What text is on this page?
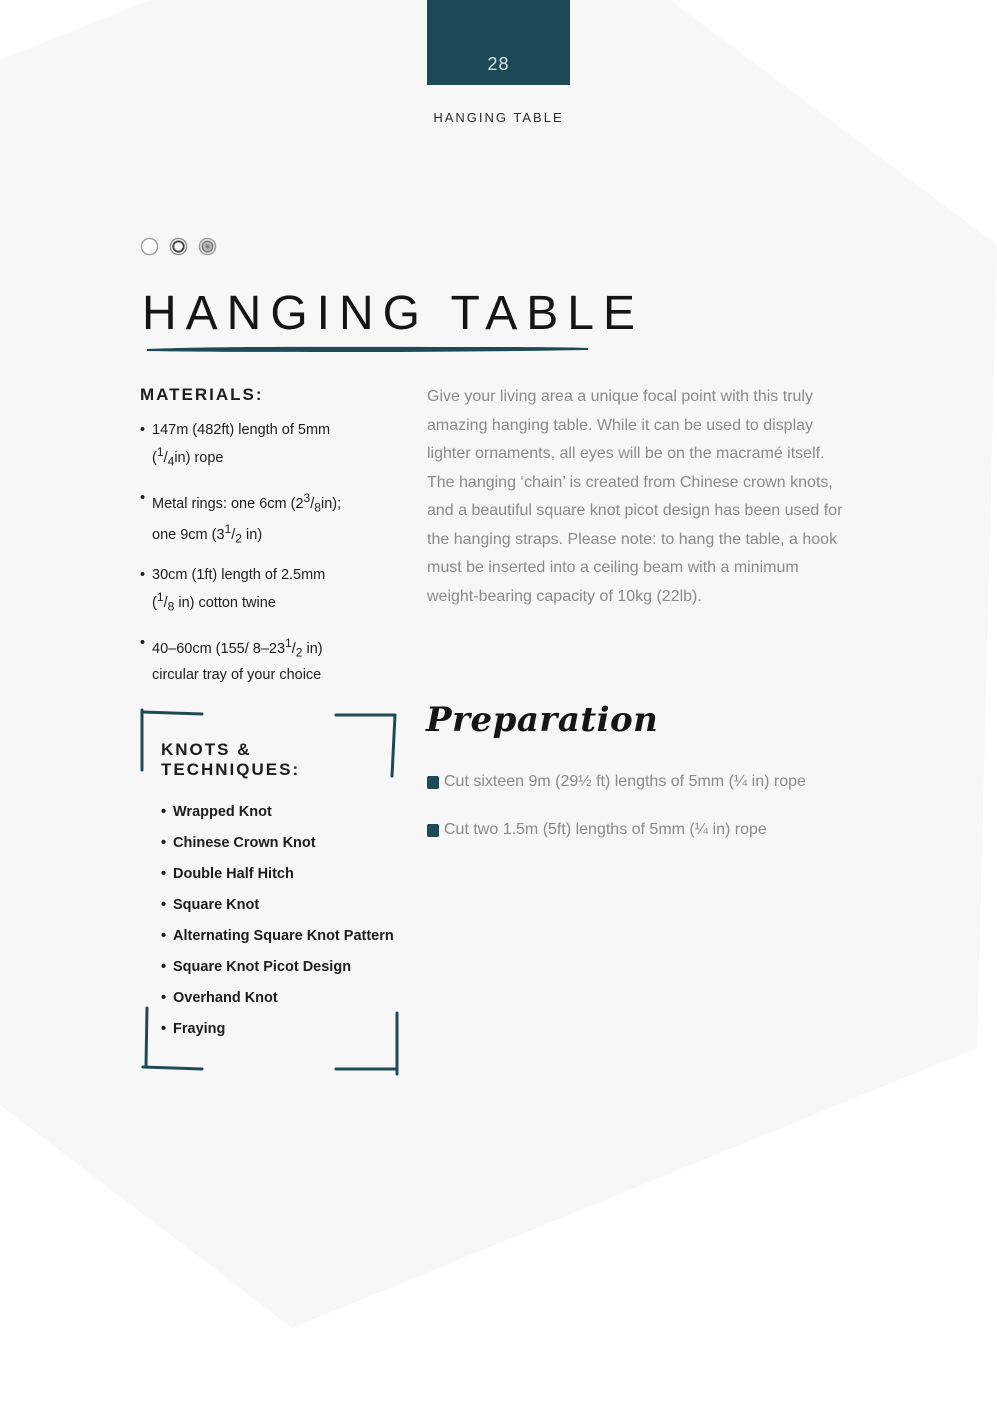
28
HANGING TABLE
HANGING TABLE
MATERIALS:
• 147m (482ft) length of 5mm
$(^1/_4in)$ rope
• Metal rings: one 6cm $(2^3/_8in)$;
one 9cm ($3^1/_2$ in)
• 30cm (1ft) length of 2.5mm
($^1/_8$ in) cotton twine
• 40–60cm (155/ $8-23^1/_2$ in)
circular tray of your choice

Give your living area a unique focal point with this truly amazing hanging table. While it can be used to display lighter ornaments, all eyes will be on the macramé itself. The hanging ‘chain’ is created from Chinese crown knots, and a beautiful square knot picot design has been used for the hanging straps. Please note: to hang the table, a hook must be inserted into a ceiling beam with a minimum weight-bearing capacity of 10kg (22lb).

KNOTS &
TECHNIQUES:
• Wrapped Knot
• Chinese Crown Knot
• Double Half Hitch
• Square Knot
• Alternating Square Knot Pattern
• Square Knot Picot Design
• Overhand Knot
• Fraying
Preparation
Cut sixteen 9m (29½ ft) lengths of 5mm (¼ in) rope
Cut two 1.5m (5ft) lengths of 5mm (¼ in) rope
